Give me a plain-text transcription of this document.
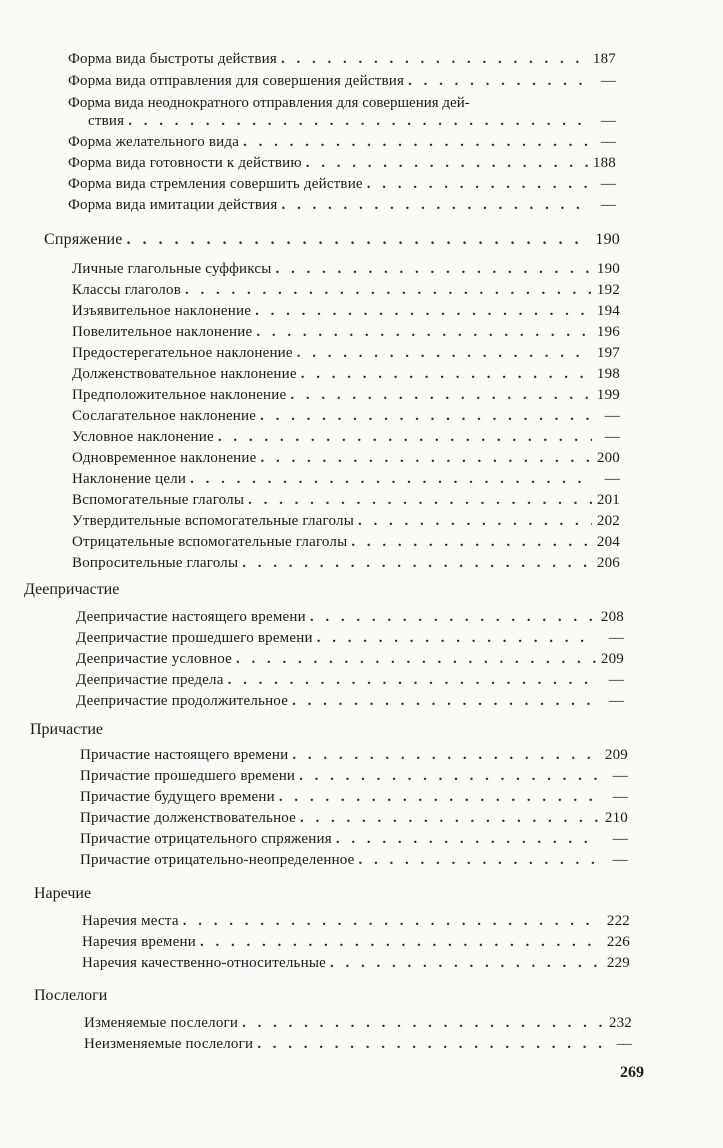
Форма вида быстроты действия . . .	187
Форма вида отправления для совершения действия . . .	—
Форма вида неоднократного отправления для совершения дей-
ствия . . .	—
Форма желательного вида . . .	—
Форма вида готовности к действию . . .	188
Форма вида стремления совершить действие . . .	—
Форма вида имитации действия . . .	—
Спряжение . . .	190
Личные глагольные суффиксы . . .	190
Классы глаголов . . .	192
Изъявительное наклонение . . .	194
Повелительное наклонение . . .	196
Предостерегательное наклонение . . .	197
Долженствовательное наклонение . . .	198
Предположительное наклонение . . .	199
Сослагательное наклонение . . .	—
Условное наклонение . . .	—
Одновременное наклонение . . .	200
Наклонение цели . . .	—
Вспомогательные глаголы . . .	201
Утвердительные вспомогательные глаголы . . .	202
Отрицательные вспомогательные глаголы . . .	204
Вопросительные глаголы . . .	206
Деепричастие
Деепричастие настоящего времени . . .	208
Деепричастие прошедшего времени . . .	—
Деепричастие условное . . .	209
Деепричастие предела . . .	—
Деепричастие продолжительное . . .	—
Причастие
Причастие настоящего времени . . .	209
Причастие прошедшего времени . . .	—
Причастие будущего времени . . .	—
Причастие долженствовательное . . .	210
Причастие отрицательного спряжения . . .	—
Причастие отрицательно-неопределенное . . .	—
Наречие
Наречия места . . .	222
Наречия времени . . .	226
Наречия качественно-относительные . . .	229
Послелоги
Изменяемые послелоги . . .	232
Неизменяемые послелоги . . .	—
269
